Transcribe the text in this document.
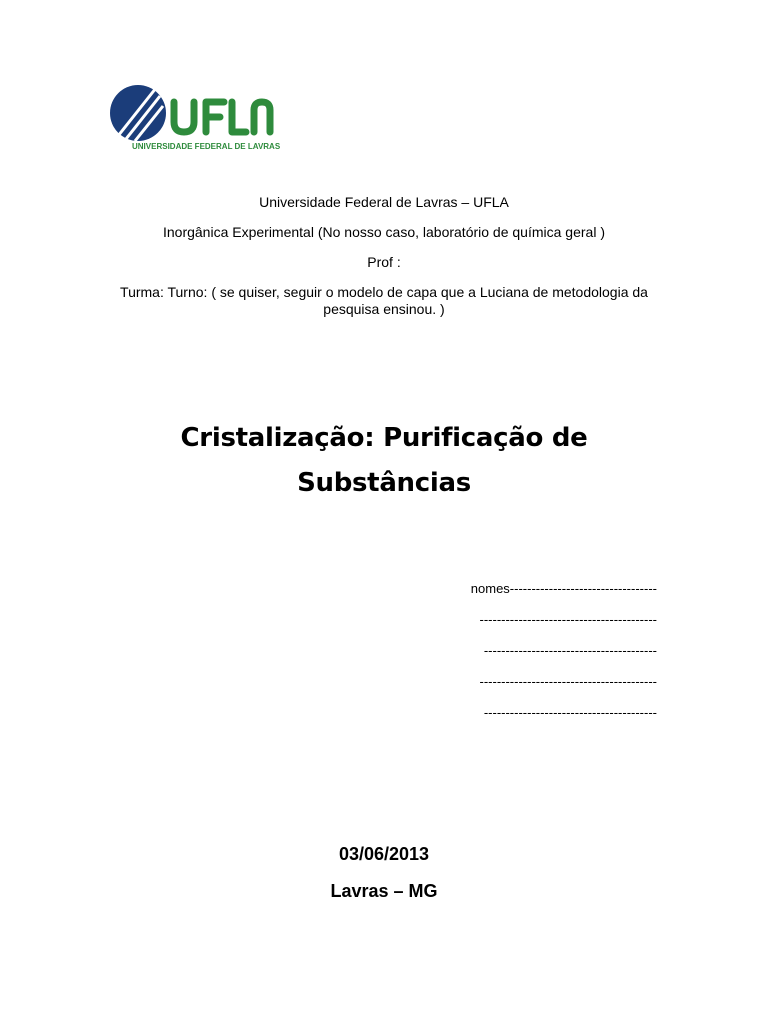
UNIVERSIDADE FEDERAL DE LAVRAS
Universidade Federal de Lavras – UFLA
Inorgânica Experimental (No nosso caso, laboratório de química geral )
Prof :
Turma: Turno: ( se quiser, seguir o modelo de capa que a Luciana de metodologia da pesquisa ensinou. )
Cristalização: Purificação de
Substâncias
nomes----------------------------------
-----------------------------------------
----------------------------------------
-----------------------------------------
----------------------------------------
03/06/2013
Lavras – MG
